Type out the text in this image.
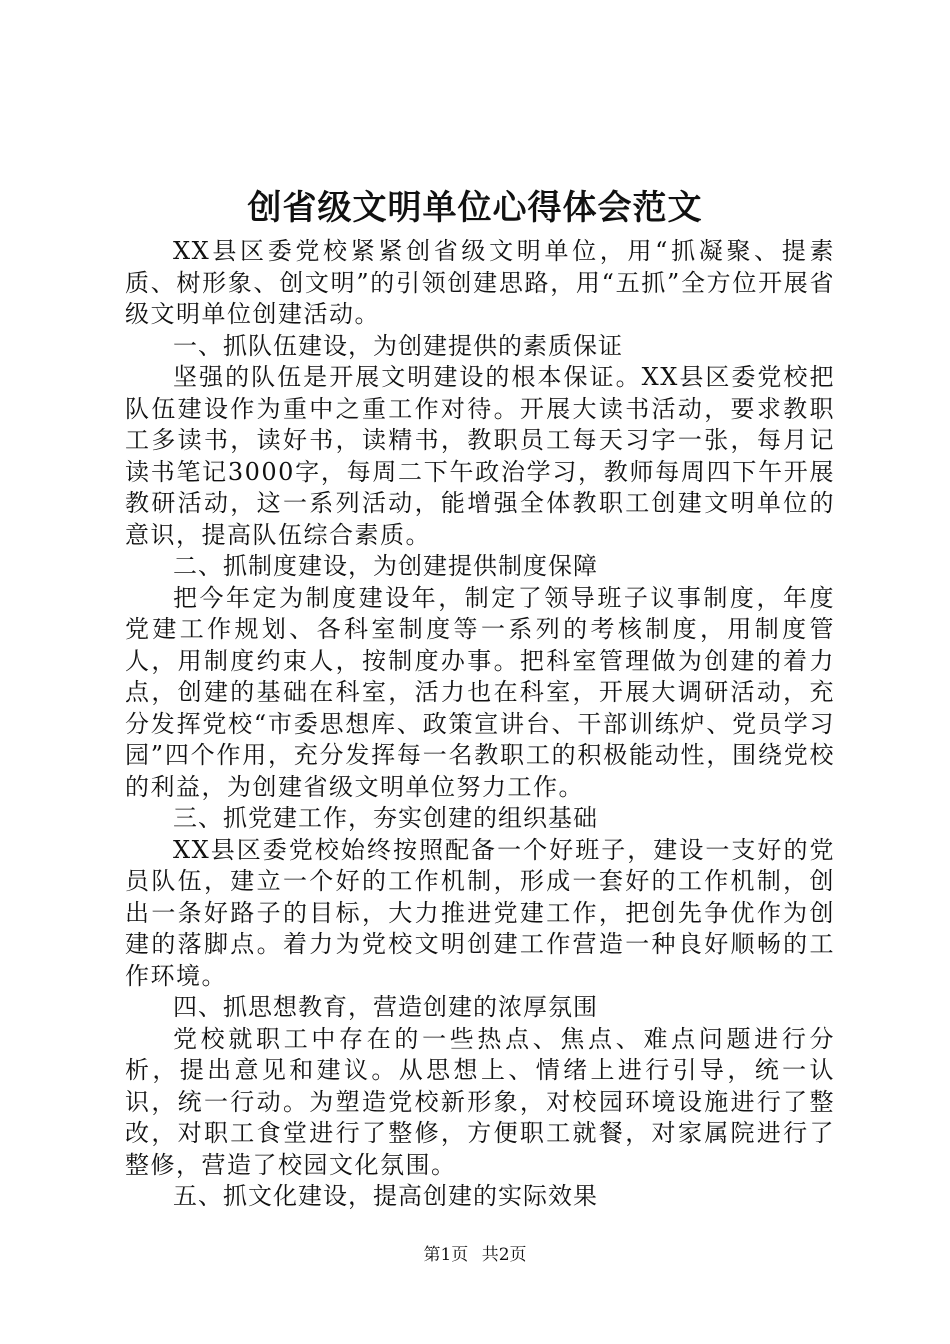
创省级文明单位心得体会范文

XX县区委党校紧紧创省级文明单位，用“抓凝聚、提素质、树形象、创文明”的引领创建思路，用“五抓”全方位开展省级文明单位创建活动。

一、抓队伍建设，为创建提供的素质保证

坚强的队伍是开展文明建设的根本保证。XX县区委党校把队伍建设作为重中之重工作对待。开展大读书活动，要求教职工多读书，读好书，读精书，教职员工每天习字一张，每月记读书笔记3000字，每周二下午政治学习，教师每周四下午开展教研活动，这一系列活动，能增强全体教职工创建文明单位的意识，提高队伍综合素质。

二、抓制度建设，为创建提供制度保障

把今年定为制度建设年，制定了领导班子议事制度，年度党建工作规划、各科室制度等一系列的考核制度，用制度管人，用制度约束人，按制度办事。把科室管理做为创建的着力点，创建的基础在科室，活力也在科室，开展大调研活动，充分发挥党校“市委思想库、政策宣讲台、干部训练炉、党员学习园”四个作用，充分发挥每一名教职工的积极能动性，围绕党校的利益，为创建省级文明单位努力工作。

三、抓党建工作，夯实创建的组织基础

XX县区委党校始终按照配备一个好班子，建设一支好的党员队伍，建立一个好的工作机制，形成一套好的工作机制，创出一条好路子的目标，大力推进党建工作，把创先争优作为创建的落脚点。着力为党校文明创建工作营造一种良好顺畅的工作环境。

四、抓思想教育，营造创建的浓厚氛围

党校就职工中存在的一些热点、焦点、难点问题进行分析，提出意见和建议。从思想上、情绪上进行引导，统一认识，统一行动。为塑造党校新形象，对校园环境设施进行了整改，对职工食堂进行了整修，方便职工就餐，对家属院进行了整修，营造了校园文化氛围。

五、抓文化建设，提高创建的实际效果

第1页 共2页
